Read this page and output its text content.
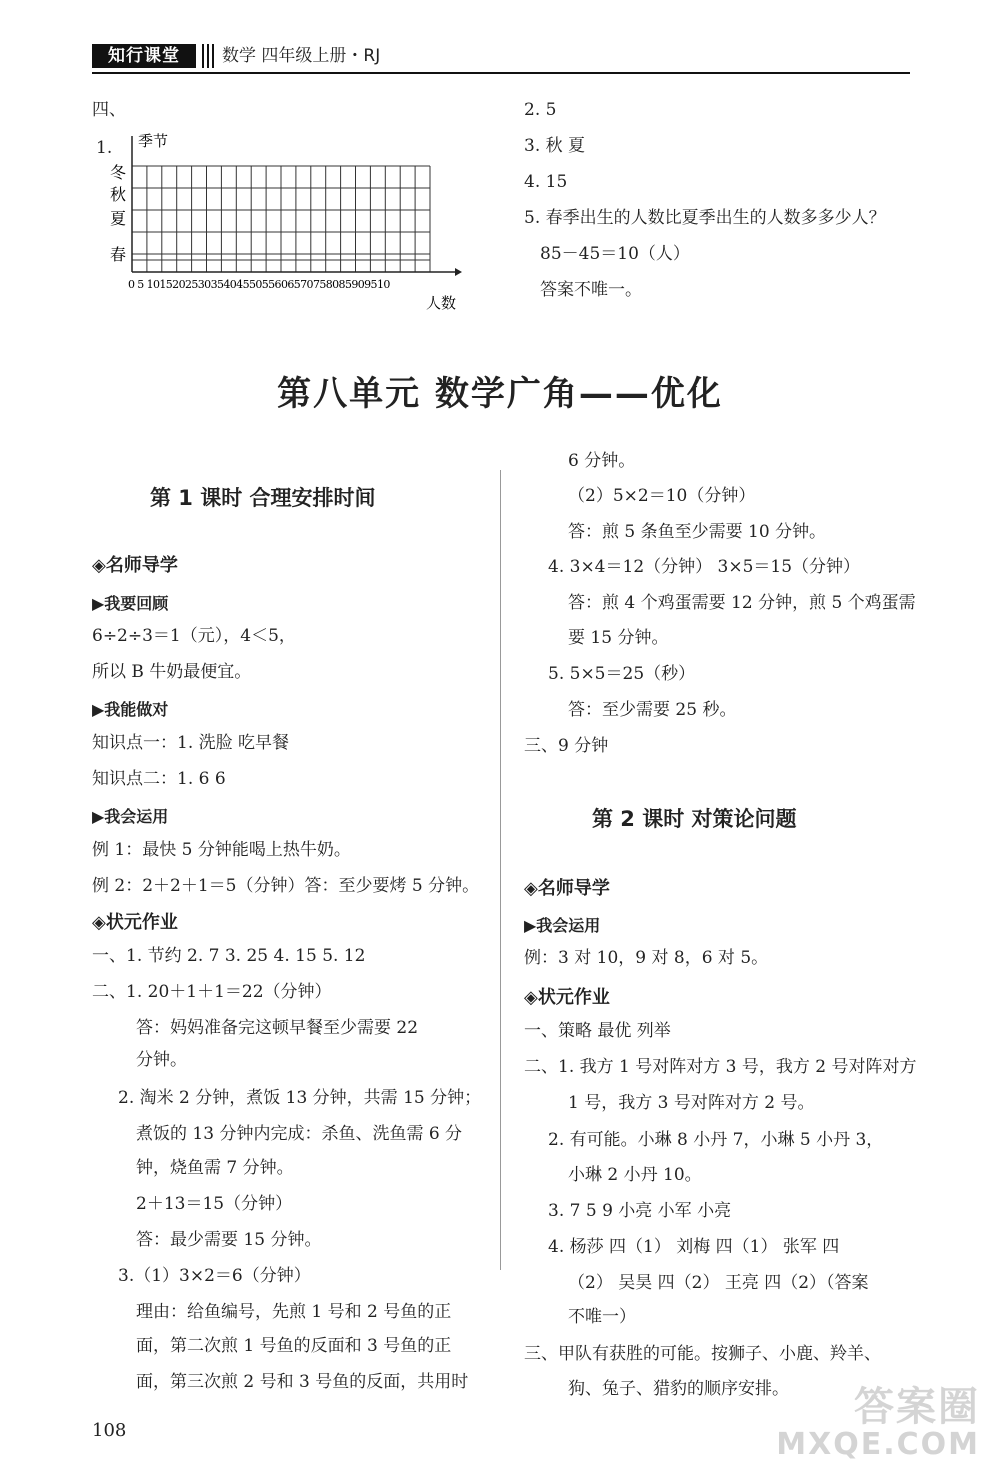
知行课堂	数学 四年级上册・RJ
四、
1. 季节
冬
秋
夏
春
0 5 10152025303540455055606570758085909510
人数
2. 5
3. 秋 夏
4. 15
5. 春季出生的人数比夏季出生的人数多多少人？
85－45＝10（人）
答案不唯一。
第八单元 数学广角——优化
第 1 课时 合理安排时间
◈名师导学
▶我要回顾
6÷2÷3＝1（元），4＜5，
所以 B 牛奶最便宜。
▶我能做对
知识点一：1. 洗脸 吃早餐
知识点二：1. 6 6
▶我会运用
例 1：最快 5 分钟能喝上热牛奶。
例 2：2＋2＋1＝5（分钟）答：至少要烤 5 分钟。
◈状元作业
一、1. 节约 2. 7 3. 25 4. 15 5. 12
二、1. 20＋1＋1＝22（分钟）
答：妈妈准备完这顿早餐至少需要 22
分钟。
2. 淘米 2 分钟，煮饭 13 分钟，共需 15 分钟；
煮饭的 13 分钟内完成：杀鱼、洗鱼需 6 分
钟，烧鱼需 7 分钟。
2＋13＝15（分钟）
答：最少需要 15 分钟。
3.（1）3×2＝6（分钟）
理由：给鱼编号，先煎 1 号和 2 号鱼的正
面，第二次煎 1 号鱼的反面和 3 号鱼的正
面，第三次煎 2 号和 3 号鱼的反面，共用时
6 分钟。
（2）5×2＝10（分钟）
答：煎 5 条鱼至少需要 10 分钟。
4. 3×4＝12（分钟） 3×5＝15（分钟）
答：煎 4 个鸡蛋需要 12 分钟，煎 5 个鸡蛋需
要 15 分钟。
5. 5×5＝25（秒）
答：至少需要 25 秒。
三、9 分钟
第 2 课时 对策论问题
◈名师导学
▶我会运用
例：3 对 10，9 对 8，6 对 5。
◈状元作业
一、策略 最优 列举
二、1. 我方 1 号对阵对方 3 号，我方 2 号对阵对方
1 号，我方 3 号对阵对方 2 号。
2. 有可能。小琳 8 小丹 7，小琳 5 小丹 3，
小琳 2 小丹 10。
3. 7 5 9 小亮 小军 小亮
4. 杨莎 四（1） 刘梅 四（1） 张军 四
（2） 吴昊 四（2） 王亮 四（2）（答案
不唯一）
三、甲队有获胜的可能。按狮子、小鹿、羚羊、
狗、兔子、猎豹的顺序安排。
108
答案圈
MXQE.COM
